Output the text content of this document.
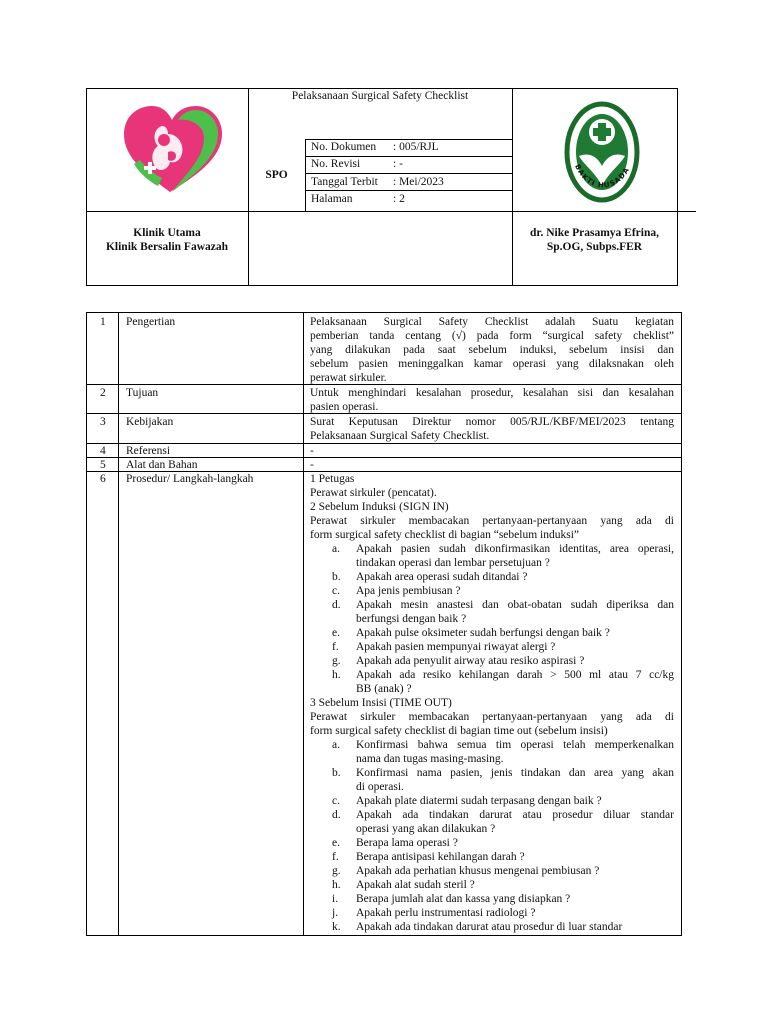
Pelaksanaan Surgical Safety Checklist
SPO
No. Dokumen : 005/RJL
No. Revisi	: -
Tanggal Terbit : Mei/2023
Halaman	: 2
BAKTI HUSADA
Klinik Utama
Klinik Bersalin Fawazah
dr. Nike Prasamya Efrina,
Sp.OG, Subps.FER
1 Pengertian	Pelaksanaan Surgical Safety Checklist adalah Suatu kegiatan
pemberian tanda centang (√) pada form “surgical safety cheklist”
yang dilakukan pada saat sebelum induksi, sebelum insisi dan
sebelum pasien meninggalkan kamar operasi yang dilaksnakan oleh
perawat sirkuler.
2 Tujuan	Untuk menghindari kesalahan prosedur, kesalahan sisi dan kesalahan
pasien operasi.
3 Kebijakan	Surat Keputusan Direktur nomor 005/RJL/KBF/MEI/2023 tentang
Pelaksanaan Surgical Safety Checklist.
4 Referensi	-
5 Alat dan Bahan	-
6 Prosedur/ Langkah-langkah	1 Petugas
Perawat sirkuler (pencatat).
2 Sebelum Induksi (SIGN IN)
Perawat sirkuler membacakan pertanyaan-pertanyaan yang ada di
form surgical safety checklist di bagian “sebelum induksi”
a. Apakah pasien sudah dikonfirmasikan identitas, area operasi,
tindakan operasi dan lembar persetujuan ?
b. Apakah area operasi sudah ditandai ?
c. Apa jenis pembiusan ?
d. Apakah mesin anastesi dan obat-obatan sudah diperiksa dan
berfungsi dengan baik ?
e. Apakah pulse oksimeter sudah berfungsi dengan baik ?
f. Apakah pasien mempunyai riwayat alergi ?
g. Apakah ada penyulit airway atau resiko aspirasi ?
h. Apakah ada resiko kehilangan darah > 500 ml atau 7 cc/kg
BB (anak) ?
3 Sebelum Insisi (TIME OUT)
Perawat sirkuler membacakan pertanyaan-pertanyaan yang ada di
form surgical safety checklist di bagian time out (sebelum insisi)
a. Konfirmasi bahwa semua tim operasi telah memperkenalkan
nama dan tugas masing-masing.
b. Konfirmasi nama pasien, jenis tindakan dan area yang akan
di operasi.
c. Apakah plate diatermi sudah terpasang dengan baik ?
d. Apakah ada tindakan darurat atau prosedur diluar standar
operasi yang akan dilakukan ?
e. Berapa lama operasi ?
f. Berapa antisipasi kehilangan darah ?
g. Apakah ada perhatian khusus mengenai pembiusan ?
h. Apakah alat sudah steril ?
i. Berapa jumlah alat dan kassa yang disiapkan ?
j. Apakah perlu instrumentasi radiologi ?
k. Apakah ada tindakan darurat atau prosedur di luar standar
